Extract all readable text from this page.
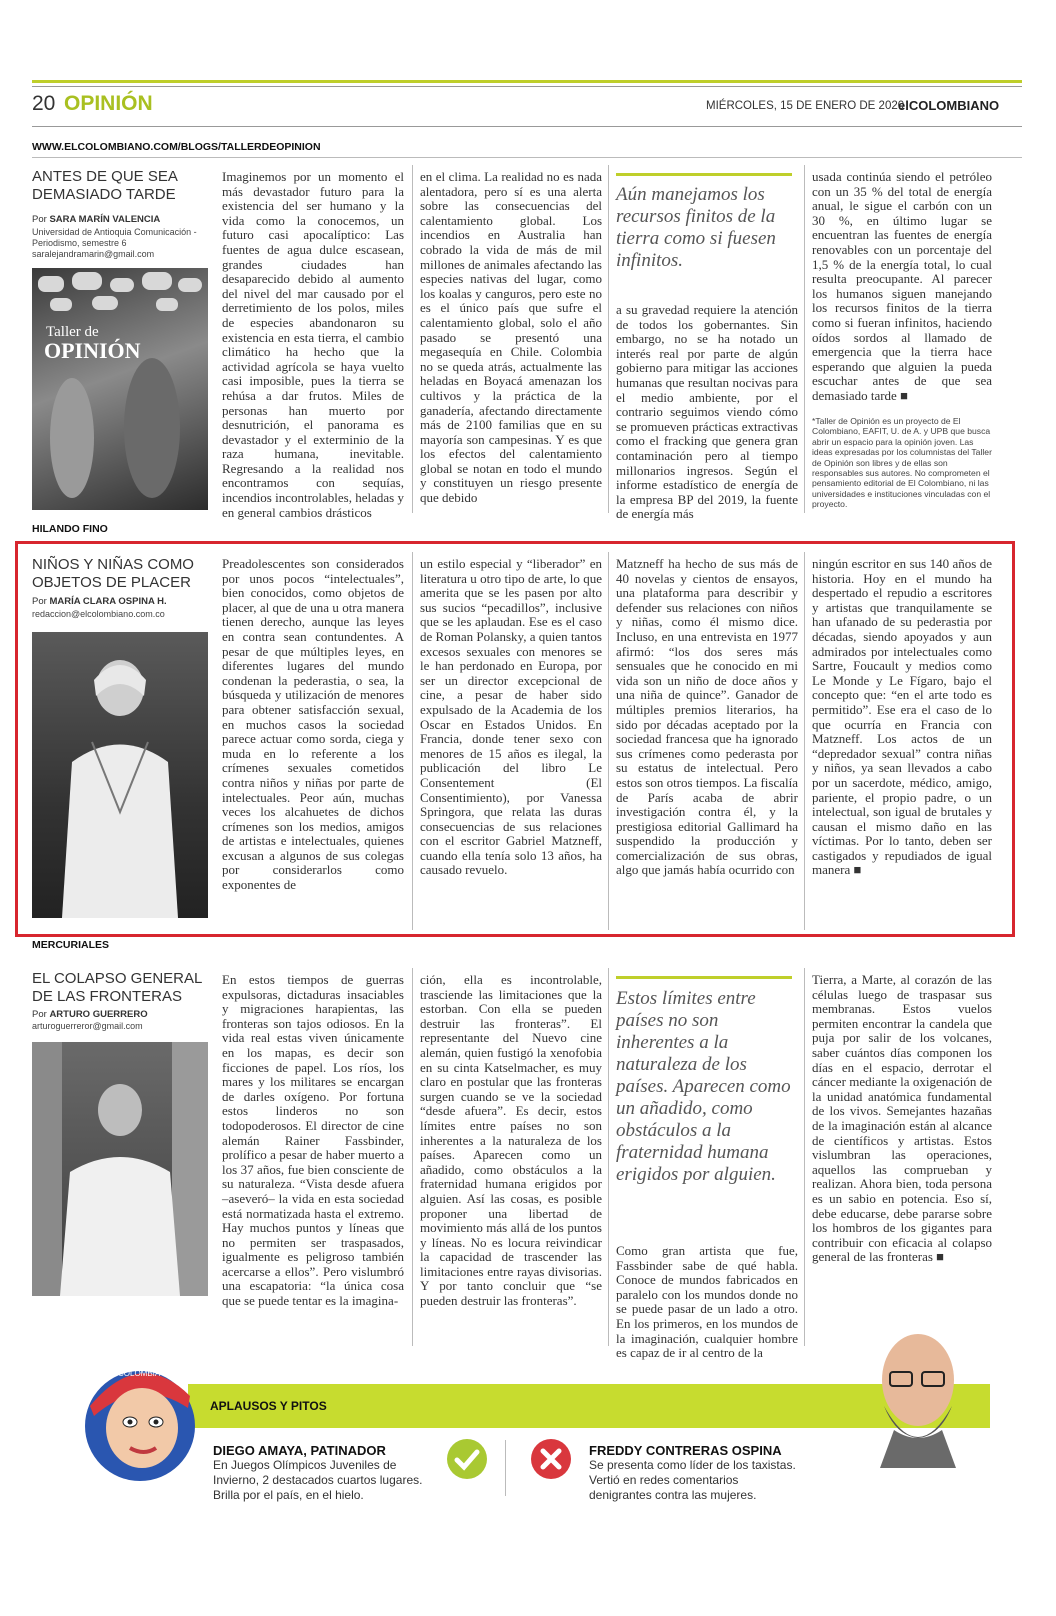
20 OPINIÓN	MIÉRCOLES, 15 DE ENERO DE 2020
elCOLOMBIANO
WWW.ELCOLOMBIANO.COM/BLOGS/TALLERDEOPINION
ANTES DE QUE SEA DEMASIADO TARDE
Por SARA MARÍN VALENCIA
Universidad de Antioquia Comunicación - Periodismo, semestre 6 saralejandramarin@gmail.com
Taller de
OPINIÓN
Imaginemos por un momento el más devastador futuro para la existencia del ser humano y la vida como la conocemos, un futuro casi apocalíptico: Las fuentes de agua dulce escasean, grandes ciudades han desaparecido debido al aumento del nivel del mar causado por el derretimiento de los polos, miles de especies abandonaron su existencia en esta tierra, el cambio climático ha hecho que la actividad agrícola se haya vuelto casi imposible, pues la tierra se rehúsa a dar frutos. Miles de personas han muerto por desnutrición, el panorama es devastador y el exterminio de la raza humana, inevitable. Regresando a la realidad nos encontramos con sequías, incendios incontrolables, heladas y en general cambios drásticos
en el clima. La realidad no es nada alentadora, pero sí es una alerta sobre las consecuencias del calentamiento global. Los incendios en Australia han cobrado la vida de más de mil millones de animales afectando las especies nativas del lugar, como los koalas y canguros, pero este no es el único país que sufre el calentamiento global, solo el año pasado se presentó una megasequía en Chile. Colombia no se queda atrás, actualmente las heladas en Boyacá amenazan los cultivos y la práctica de la ganadería, afectando directamente más de 2100 familias que en su mayoría son campesinas. Y es que los efectos del calentamiento global se notan en todo el mundo y constituyen un riesgo presente que debido
Aún manejamos los recursos finitos de la tierra como si fuesen infinitos.
a su gravedad requiere la atención de todos los gobernantes. Sin embargo, no se ha notado un interés real por parte de algún gobierno para mitigar las acciones humanas que resultan nocivas para el medio ambiente, por el contrario seguimos viendo cómo se promueven prácticas extractivas como el fracking que genera gran contaminación pero al tiempo millonarios ingresos. Según el informe estadístico de energía de la empresa BP del 2019, la fuente de energía más
usada continúa siendo el petróleo con un 35 % del total de energía anual, le sigue el carbón con un 30 %, en último lugar se encuentran las fuentes de energía renovables con un porcentaje del 1,5 % de la energía total, lo cual resulta preocupante. Al parecer los humanos siguen manejando los recursos finitos de la tierra como si fueran infinitos, haciendo oídos sordos al llamado de emergencia que la tierra hace esperando que alguien la pueda escuchar antes de que sea demasiado tarde ■
*Taller de Opinión es un proyecto de El Colombiano, EAFIT, U. de A. y UPB que busca abrir un espacio para la opinión joven. Las ideas expresadas por los columnistas del Taller de Opinión son libres y de ellas son responsables sus autores. No comprometen el pensamiento editorial de El Colombiano, ni las universidades e instituciones vinculadas con el proyecto.
HILANDO FINO
NIÑOS Y NIÑAS COMO OBJETOS DE PLACER
Por MARÍA CLARA OSPINA H.
redaccion@elcolombiano.com.co
Preadolescentes son considerados por unos pocos “intelectuales”, bien conocidos, como objetos de placer, al que de una u otra manera tienen derecho, aunque las leyes en contra sean contundentes. A pesar de que múltiples leyes, en diferentes lugares del mundo condenan la pederastia, o sea, la búsqueda y utilización de menores para obtener satisfacción sexual, en muchos casos la sociedad parece actuar como sorda, ciega y muda en lo referente a los crímenes sexuales cometidos contra niños y niñas por parte de intelectuales. Peor aún, muchas veces los alcahuetes de dichos crímenes son los medios, amigos de artistas e intelectuales, quienes excusan a algunos de sus colegas por considerarlos como exponentes de
un estilo especial y “liberador” en literatura u otro tipo de arte, lo que amerita que se les pasen por alto sus sucios “pecadillos”, inclusive que se les aplaudan. Ese es el caso de Roman Polansky, a quien tantos excesos sexuales con menores se le han perdonado en Europa, por ser un director excepcional de cine, a pesar de haber sido expulsado de la Academia de los Oscar en Estados Unidos. En Francia, donde tener sexo con menores de 15 años es ilegal, la publicación del libro Le Consentement (El Consentimiento), por Vanessa Springora, que relata las duras consecuencias de sus relaciones con el escritor Gabriel Matzneff, cuando ella tenía solo 13 años, ha causado revuelo.
Matzneff ha hecho de sus más de 40 novelas y cientos de ensayos, una plataforma para describir y defender sus relaciones con niños y niñas, como él mismo dice. Incluso, en una entrevista en 1977 afirmó: “los dos seres más sensuales que he conocido en mi vida son un niño de doce años y una niña de quince”. Ganador de múltiples premios literarios, ha sido por décadas aceptado por la sociedad francesa que ha ignorado sus crímenes como pederasta por su estatus de intelectual. Pero estos son otros tiempos. La fiscalía de París acaba de abrir investigación contra él, y la prestigiosa editorial Gallimard ha suspendido la producción y comercialización de sus obras, algo que jamás había ocurrido con
ningún escritor en sus 140 años de historia. Hoy en el mundo ha despertado el repudio a escritores y artistas que tranquilamente se han ufanado de su pederastia por décadas, siendo apoyados y aun admirados por intelectuales como Sartre, Foucault y medios como Le Monde y Le Fígaro, bajo el concepto que: “en el arte todo es permitido”. Ese era el caso de lo que ocurría en Francia con Matzneff. Los actos de un “depredador sexual” contra niñas y niños, ya sean llevados a cabo por un sacerdote, médico, amigo, pariente, el propio padre, o un intelectual, son igual de brutales y causan el mismo daño en las víctimas. Por lo tanto, deben ser castigados y repudiados de igual manera ■
MERCURIALES
EL COLAPSO GENERAL DE LAS FRONTERAS
Por ARTURO GUERRERO
arturoguerreror@gmail.com
En estos tiempos de guerras expulsoras, dictaduras insaciables y migraciones harapientas, las fronteras son tajos odiosos. En la vida real estas viven únicamente en los mapas, es decir son ficciones de papel. Los ríos, los mares y los militares se encargan de darles oxígeno. Por fortuna estos linderos no son todopoderosos. El director de cine alemán Rainer Fassbinder, prolífico a pesar de haber muerto a los 37 años, fue bien consciente de su naturaleza. “Vista desde afuera –aseveró– la vida en esta sociedad está normatizada hasta el extremo. Hay muchos puntos y líneas que no permiten ser traspasados, igualmente es peligroso también acercarse a ellos”. Pero vislumbró una escapatoria: “la única cosa que se puede tentar es la imagina-
ción, ella es incontrolable, trasciende las limitaciones que la estorban. Con ella se pueden destruir las fronteras”. El representante del Nuevo cine alemán, quien fustigó la xenofobia en su cinta Katselmacher, es muy claro en postular que las fronteras surgen cuando se ve la sociedad “desde afuera”. Es decir, estos límites entre países no son inherentes a la naturaleza de los países. Aparecen como un añadido, como obstáculos a la fraternidad humana erigidos por alguien. Así las cosas, es posible proponer una libertad de movimiento más allá de los puntos y líneas. No es locura reivindicar la capacidad de trascender las limitaciones entre rayas divisorias. Y por tanto concluir que “se pueden destruir las fronteras”.
Estos límites entre países no son inherentes a la naturaleza de los países. Aparecen como un añadido, como obstáculos a la fraternidad humana erigidos por alguien.
Como gran artista que fue, Fassbinder sabe de qué habla. Conoce de mundos fabricados en paralelo con los mundos donde no se puede pasar de un lado a otro. En los primeros, en los mundos de la imaginación, cualquier hombre es capaz de ir al centro de la
Tierra, a Marte, al corazón de las células luego de traspasar sus membranas. Estos vuelos permiten encontrar la candela que puja por salir de los volcanes, saber cuántos días componen los días en el espacio, derrotar el cáncer mediante la oxigenación de la unidad anatómica fundamental de los vivos. Semejantes hazañas de la imaginación están al alcance de científicos y artistas. Estos vislumbran las operaciones, aquellos las comprueban y realizan. Ahora bien, toda persona es un sabio en potencia. Eso sí, debe educarse, debe pararse sobre los hombros de los gigantes para contribuir con eficacia al colapso general de las fronteras ■
APLAUSOS Y PITOS
COLOMBIA
DIEGO AMAYA, PATINADOR
En Juegos Olímpicos Juveniles de Invierno, 2 destacados cuartos lugares. Brilla por el país, en el hielo.
FREDDY CONTRERAS OSPINA
Se presenta como líder de los taxistas. Vertió en redes comentarios denigrantes contra las mujeres.
